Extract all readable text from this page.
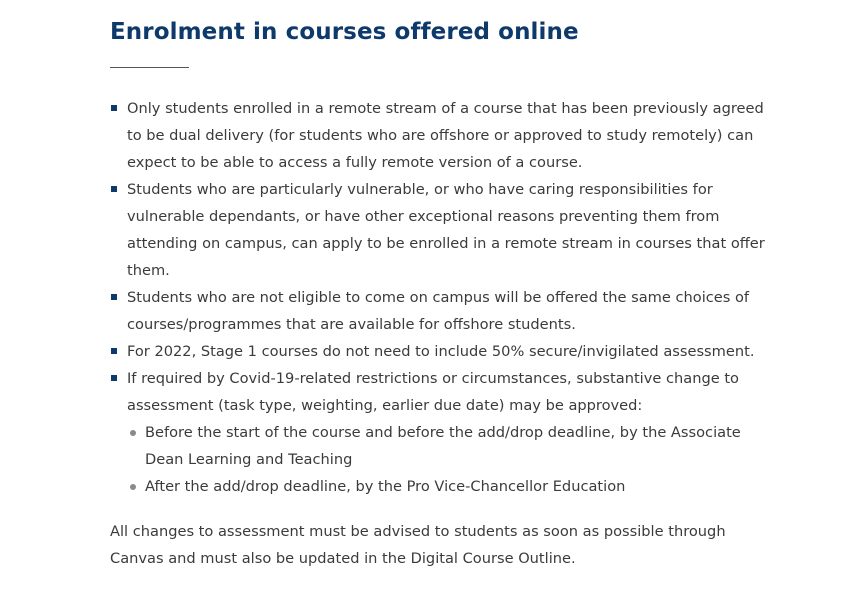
Enrolment in courses offered online
Only students enrolled in a remote stream of a course that has been previously agreed to be dual delivery (for students who are offshore or approved to study remotely) can expect to be able to access a fully remote version of a course.
Students who are particularly vulnerable, or who have caring responsibilities for vulnerable dependants, or have other exceptional reasons preventing them from attending on campus, can apply to be enrolled in a remote stream in courses that offer them.
Students who are not eligible to come on campus will be offered the same choices of courses/programmes that are available for offshore students.
For 2022, Stage 1 courses do not need to include 50% secure/invigilated assessment.
If required by Covid-19-related restrictions or circumstances, substantive change to assessment (task type, weighting, earlier due date) may be approved:
Before the start of the course and before the add/drop deadline, by the Associate Dean Learning and Teaching
After the add/drop deadline, by the Pro Vice-Chancellor Education

All changes to assessment must be advised to students as soon as possible through Canvas and must also be updated in the Digital Course Outline.
